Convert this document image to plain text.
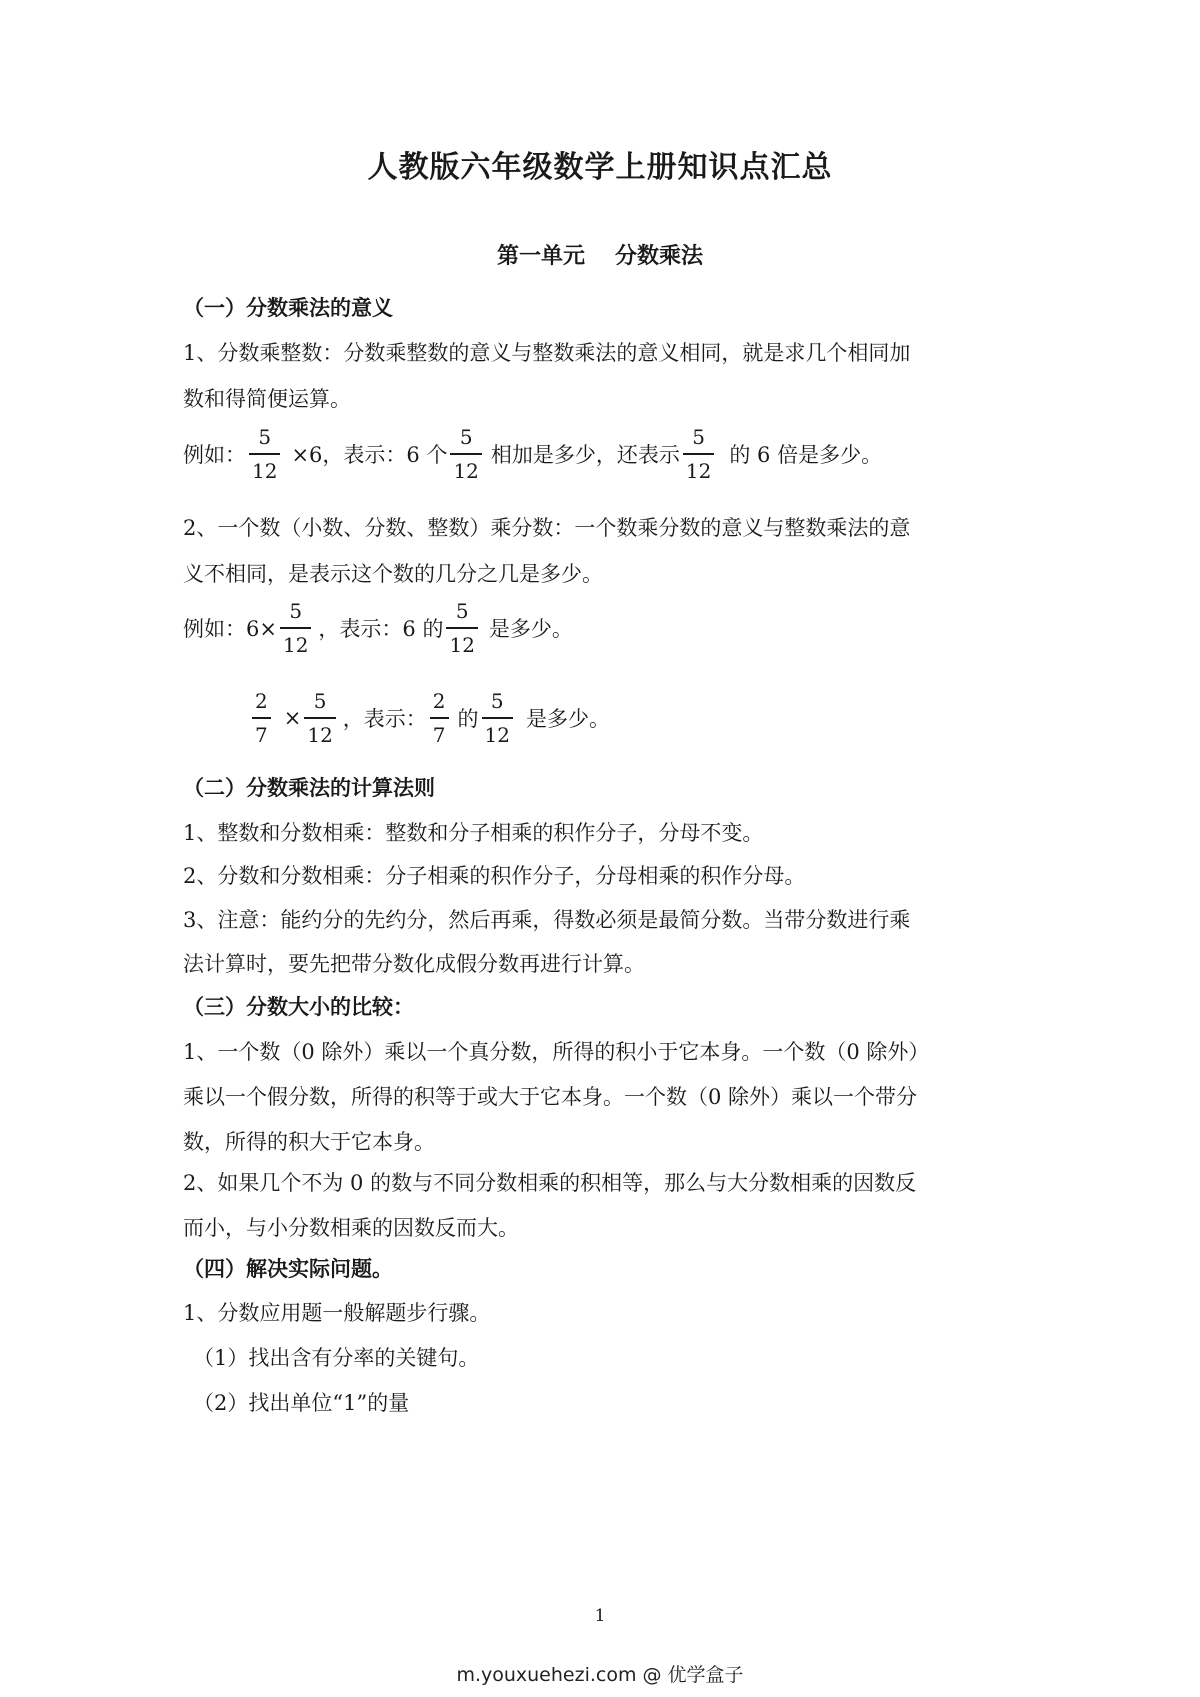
人教版六年级数学上册知识点汇总
第一单元 分数乘法
（一）分数乘法的意义
1、分数乘整数：分数乘整数的意义与整数乘法的意义相同，就是求几个相同加
数和得简便运算。
例如： $\frac{5}{12} \times 6$，表示：6 个 $\frac{5}{12}$ 相加是多少，还表示 $\frac{5}{12}$ 的 6 倍是多少。
2、一个数（小数、分数、整数）乘分数：一个数乘分数的意义与整数乘法的意
义不相同，是表示这个数的几分之几是多少。
例如：$6\times \frac{5}{12}$ ，表示：6 的 $\frac{5}{12}$ 是多少。
$\frac{2}{7} \times \frac{5}{12}$ ，表示： $\frac{2}{7}$ 的 $\frac{5}{12}$ 是多少。
（二）分数乘法的计算法则
1、整数和分数相乘：整数和分子相乘的积作分子，分母不变。
2、分数和分数相乘：分子相乘的积作分子，分母相乘的积作分母。
3、注意：能约分的先约分，然后再乘，得数必须是最简分数。当带分数进行乘
法计算时，要先把带分数化成假分数再进行计算。
（三）分数大小的比较：
1、一个数（0 除外）乘以一个真分数，所得的积小于它本身。一个数（0 除外）
乘以一个假分数，所得的积等于或大于它本身。一个数（0 除外）乘以一个带分
数，所得的积大于它本身。
2、如果几个不为 0 的数与不同分数相乘的积相等，那么与大分数相乘的因数反
而小，与小分数相乘的因数反而大。
（四）解决实际问题。
1、分数应用题一般解题步行骤。
（1）找出含有分率的关键句。
（2）找出单位“1”的量
1
m.youxuehezi.com @ 优学盒子
